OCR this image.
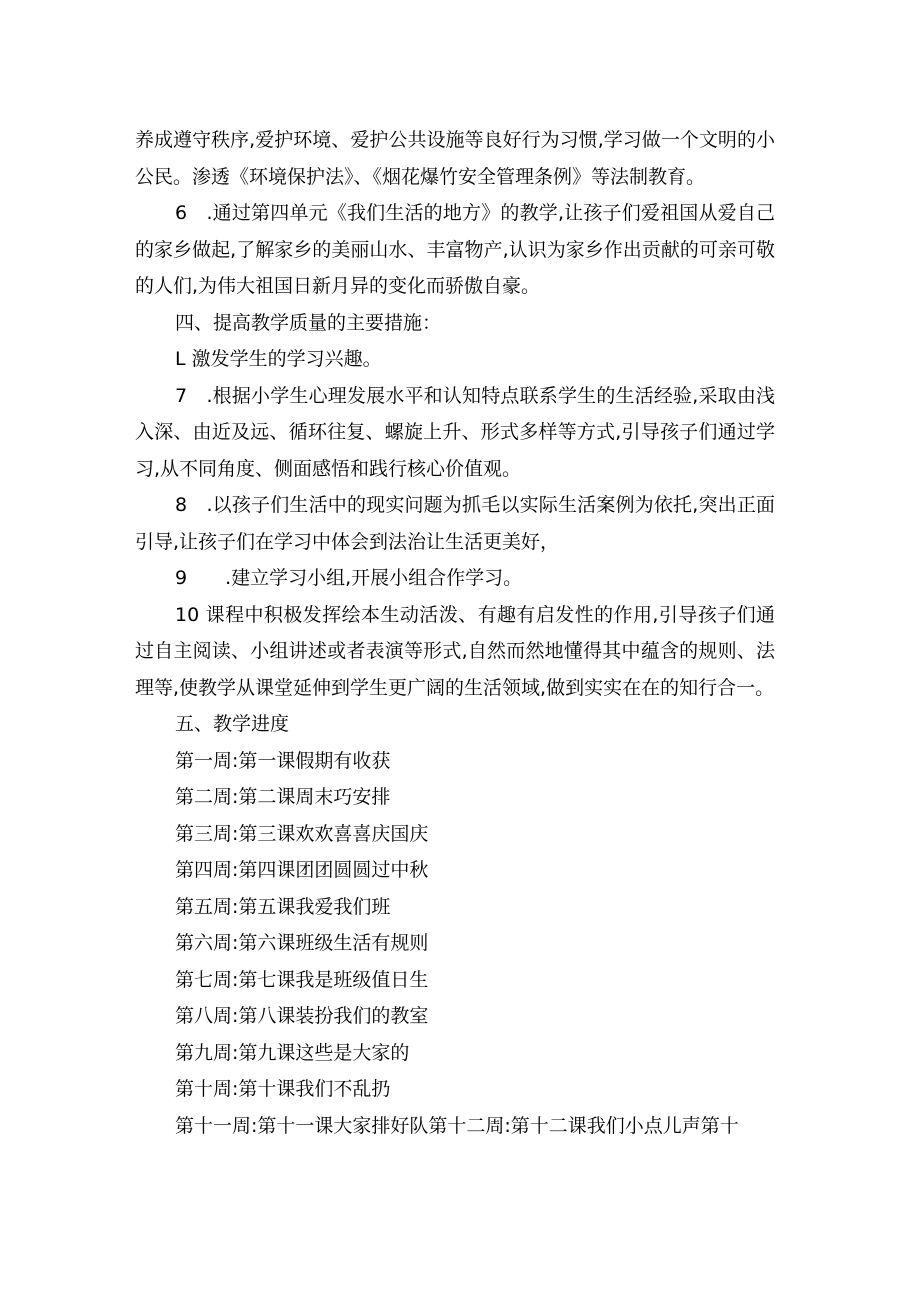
养成遵守秩序,爱护环境、爱护公共设施等良好行为习惯,学习做一个文明的小公民。渗透《环境保护法》、《烟花爆竹安全管理条例》等法制教育。

6　.通过第四单元《我们生活的地方》的教学,让孩子们爱祖国从爱自己的家乡做起,了解家乡的美丽山水、丰富物产,认识为家乡作出贡献的可亲可敬的人们,为伟大祖国日新月异的变化而骄傲自豪。

四、提高教学质量的主要措施：

L 激发学生的学习兴趣。

7　.根据小学生心理发展水平和认知特点联系学生的生活经验,采取由浅入深、由近及远、循环往复、螺旋上升、形式多样等方式,引导孩子们通过学习,从不同角度、侧面感悟和践行核心价值观。

8　.以孩子们生活中的现实问题为抓毛以实际生活案例为依托,突出正面引导,让孩子们在学习中体会到法治让生活更美好，

9　　.建立学习小组,开展小组合作学习。

10 课程中积极发挥绘本生动活泼、有趣有启发性的作用,引导孩子们通过自主阅读、小组讲述或者表演等形式,自然而然地懂得其中蕴含的规则、法理等,使教学从课堂延伸到学生更广阔的生活领域,做到实实在在的知行合一。

五、教学进度

第一周:第一课假期有收获

第二周:第二课周末巧安排

第三周:第三课欢欢喜喜庆国庆

第四周:第四课团团圆圆过中秋

第五周:第五课我爱我们班

第六周:第六课班级生活有规则

第七周:第七课我是班级值日生

第八周:第八课装扮我们的教室

第九周:第九课这些是大家的

第十周:第十课我们不乱扔

第十一周:第十一课大家排好队第十二周:第十二课我们小点儿声第十
